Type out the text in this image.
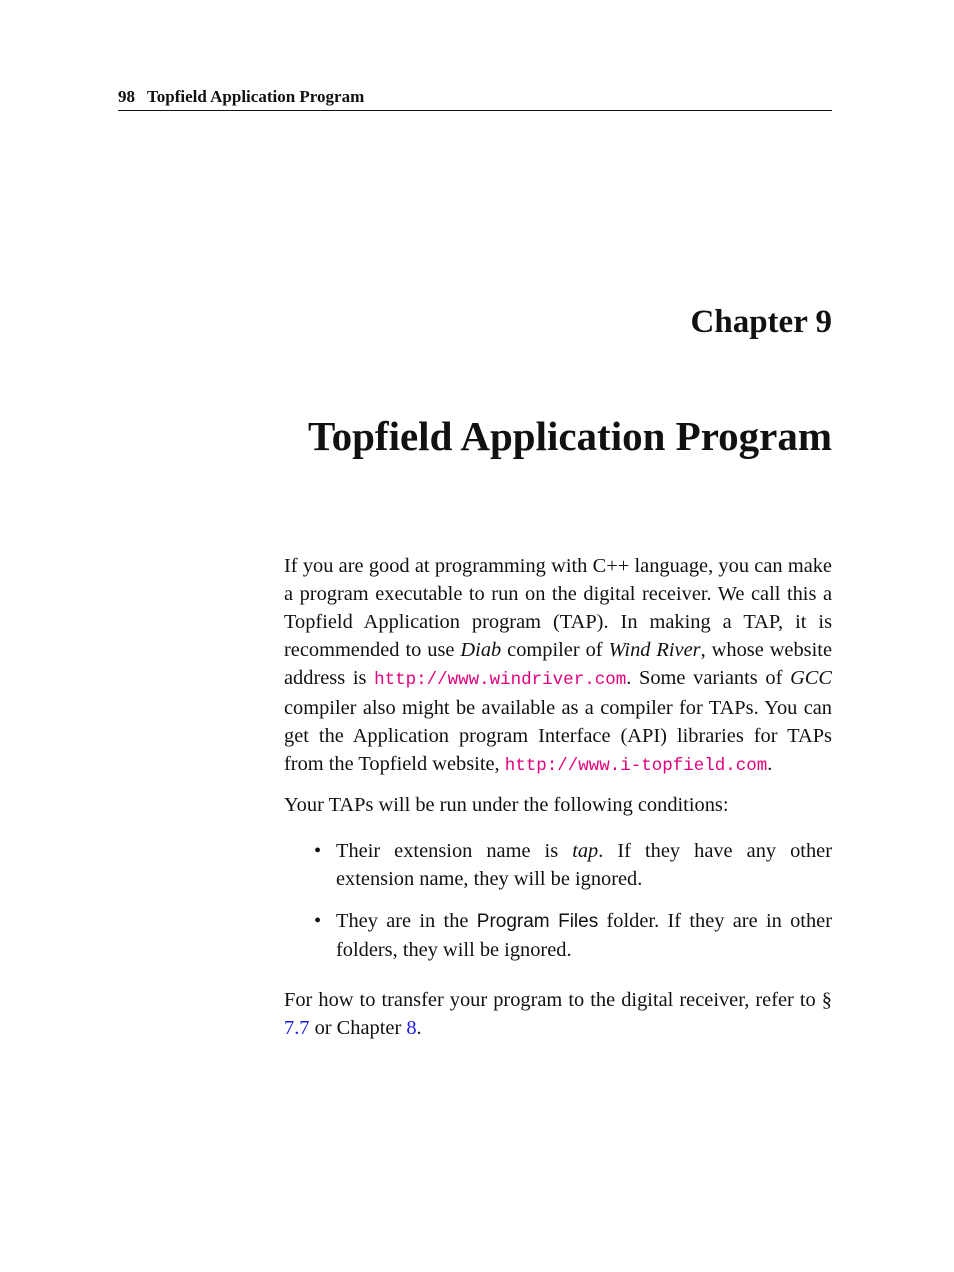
98 Topfield Application Program
Chapter 9
Topfield Application Program

If you are good at programming with C++ language, you can make a program executable to run on the digital receiver. We call this a Topfield Application program (TAP). In making a TAP, it is recommended to use Diab compiler of Wind River, whose website address is http://www.windriver.com. Some variants of GCC compiler also might be available as a compiler for TAPs. You can get the Application program Interface (API) libraries for TAPs from the Topfield website, http://www.i-topfield.com.

Your TAPs will be run under the following conditions:

• Their extension name is tap. If they have any other extension name, they will be ignored.
• They are in the Program Files folder. If they are in other folders, they will be ignored.

For how to transfer your program to the digital receiver, refer to § 7.7 or Chapter 8.
